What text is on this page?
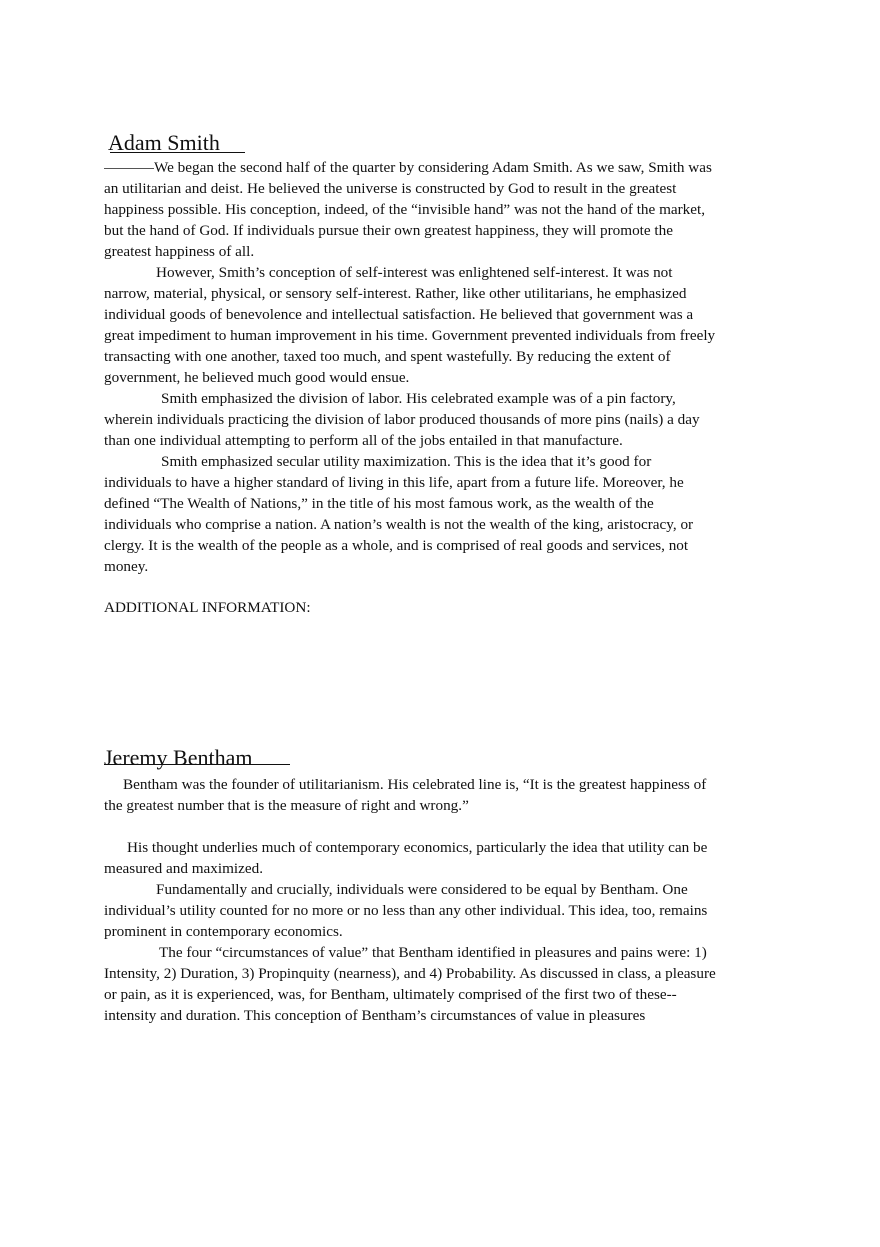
Adam Smith

We began the second half of the quarter by considering Adam Smith. As we saw, Smith was an utilitarian and deist. He believed the universe is constructed by God to result in the greatest happiness possible. His conception, indeed, of the “invisible hand” was not the hand of the market, but the hand of God. If individuals pursue their own greatest happiness, they will promote the greatest happiness of all.

However, Smith’s conception of self-interest was enlightened self-interest. It was not narrow, material, physical, or sensory self-interest. Rather, like other utilitarians, he emphasized individual goods of benevolence and intellectual satisfaction. He believed that government was a great impediment to human improvement in his time. Government prevented individuals from freely transacting with one another, taxed too much, and spent wastefully. By reducing the extent of government, he believed much good would ensue.

Smith emphasized the division of labor. His celebrated example was of a pin factory, wherein individuals practicing the division of labor produced thousands of more pins (nails) a day than one individual attempting to perform all of the jobs entailed in that manufacture.

Smith emphasized secular utility maximization. This is the idea that it’s good for individuals to have a higher standard of living in this life, apart from a future life. Moreover, he defined “The Wealth of Nations,” in the title of his most famous work, as the wealth of the individuals who comprise a nation. A nation’s wealth is not the wealth of the king, aristocracy, or clergy. It is the wealth of the people as a whole, and is comprised of real goods and services, not money.

ADDITIONAL INFORMATION:

Jeremy Bentham

Bentham was the founder of utilitarianism. His celebrated line is, “It is the greatest happiness of the greatest number that is the measure of right and wrong.”

His thought underlies much of contemporary economics, particularly the idea that utility can be measured and maximized.

Fundamentally and crucially, individuals were considered to be equal by Bentham. One individual’s utility counted for no more or no less than any other individual. This idea, too, remains prominent in contemporary economics.

The four “circumstances of value” that Bentham identified in pleasures and pains were: 1) Intensity, 2) Duration, 3) Propinquity (nearness), and 4) Probability. As discussed in class, a pleasure or pain, as it is experienced, was, for Bentham, ultimately comprised of the first two of these--intensity and duration. This conception of Bentham’s circumstances of value in pleasures
